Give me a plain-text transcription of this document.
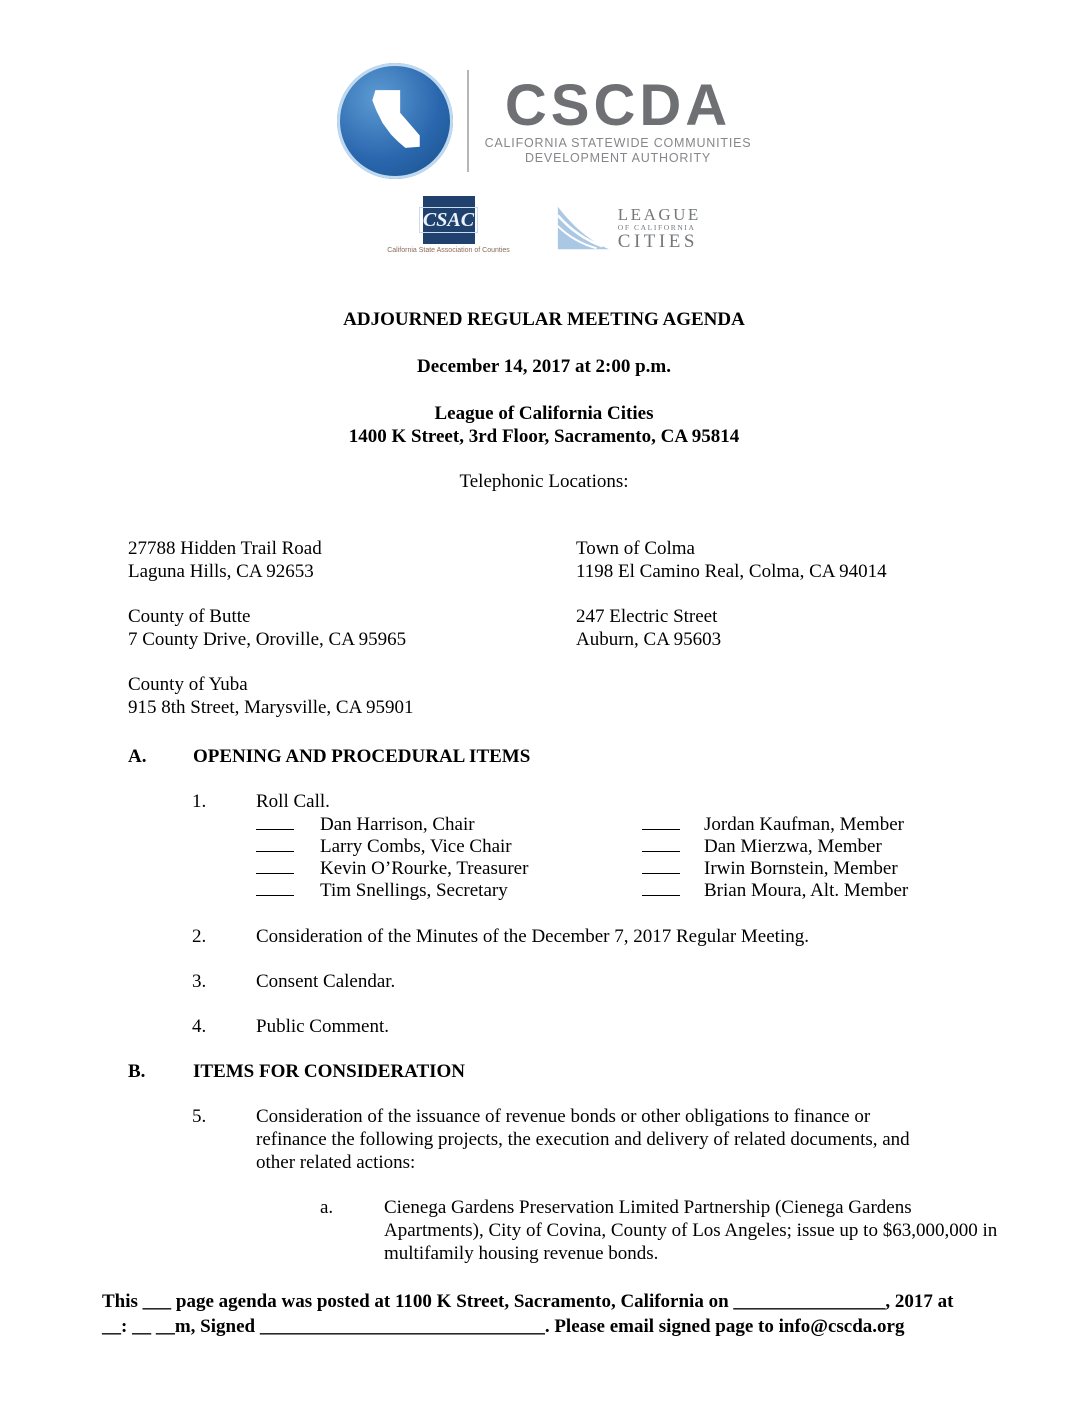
CSCDA
CALIFORNIA STATEWIDE COMMUNITIES
DEVELOPMENT AUTHORITY
CSAC
California State Association of Counties
LEAGUE
OF CALIFORNIA
CITIES
ADJOURNED REGULAR MEETING AGENDA
December 14, 2017 at 2:00 p.m.
League of California Cities
1400 K Street, 3rd Floor, Sacramento, CA 95814
Telephonic Locations:
27788 Hidden Trail Road
Laguna Hills, CA 92653
Town of Colma
1198 El Camino Real, Colma, CA 94014
County of Butte
7 County Drive, Oroville, CA 95965
247 Electric Street
Auburn, CA 95603
County of Yuba
915 8th Street, Marysville, CA 95901
A.	OPENING AND PROCEDURAL ITEMS
1.	Roll Call.
Dan Harrison, Chair	Jordan Kaufman, Member
Larry Combs, Vice Chair	Dan Mierzwa, Member
Kevin O’Rourke, Treasurer	Irwin Bornstein, Member
Tim Snellings, Secretary	Brian Moura, Alt. Member
2.	Consideration of the Minutes of the December 7, 2017 Regular Meeting.
3.	Consent Calendar.
4.	Public Comment.
B.	ITEMS FOR CONSIDERATION
5.	Consideration of the issuance of revenue bonds or other obligations to finance or
refinance the following projects, the execution and delivery of related documents, and
other related actions:
a.	Cienega Gardens Preservation Limited Partnership (Cienega Gardens
Apartments), City of Covina, County of Los Angeles; issue up to $63,000,000 in
multifamily housing revenue bonds.
This ___ page agenda was posted at 1100 K Street, Sacramento, California on ________________, 2017 at
__: __ __m, Signed ______________________________. Please email signed page to info@cscda.org
